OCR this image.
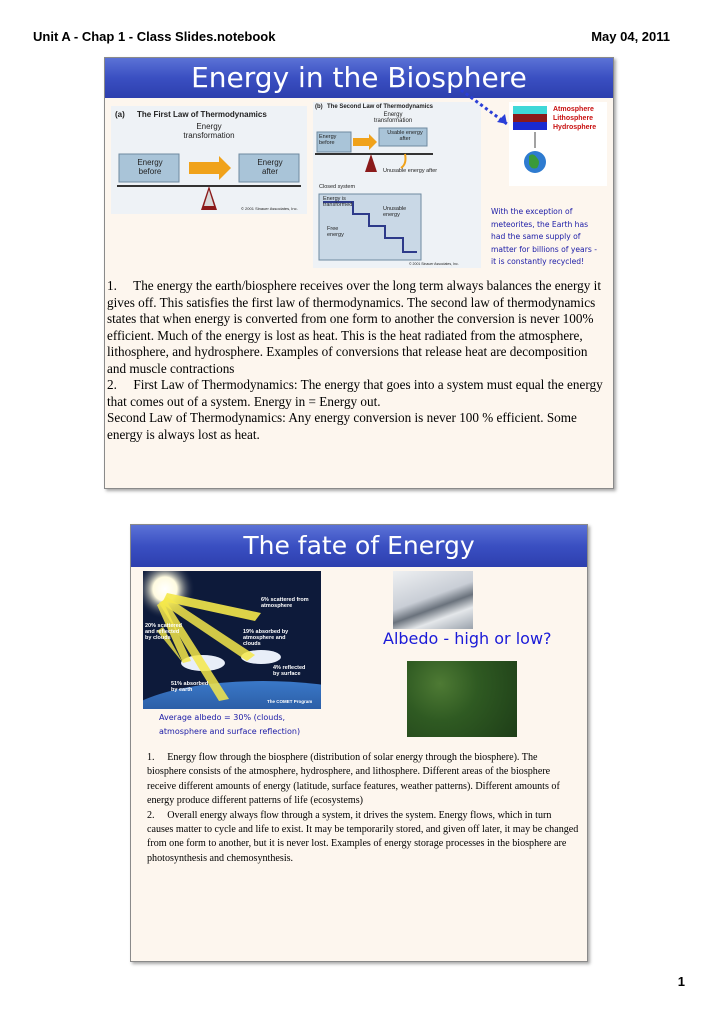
Unit A - Chap 1 - Class Slides.notebook	May 04, 2011
Energy in the Biosphere
(a) The First Law of Thermodynamics
Energy
transformation
Energy
before
Energy
after
© 2001 Sinauer Associates, Inc.
(b) The Second Law of Thermodynamics
Energy
transformation
Usable energy
after
Energy
before
Unusable energy after
Closed system
Energy is
transformed
Unusable
energy
Free
energy
© 2001 Sinauer Associates, Inc.
Atmosphere
Lithosphere
Hydrosphere
With the exception of
meteorites, the Earth has
had the same supply of
matter for billions of years -
it is constantly recycled!

1.  The energy the earth/biosphere receives over the long term always balances the energy it gives off. This satisfies the first law of thermodynamics. The second law of thermodynamics states that when energy is converted from one form to another the conversion is never 100% efficient. Much of the energy is lost as heat. This is the heat radiated from the atmosphere, lithosphere, and hydrosphere. Examples of conversions that release heat are decomposition and muscle contractions

2.  First Law of Thermodynamics: The energy that goes into a system must equal the energy that comes out of a system. Energy in = Energy out.

Second Law of Thermodynamics: Any energy conversion is never 100 % efficient. Some energy is always lost as heat.

The fate of Energy
6% scattered from
atmosphere
20% scattered
and reflected
by clouds
19% absorbed by
atmosphere and
clouds
4% reflected
by surface
51% absorbed
by earth
The COMET Program
Albedo - high or low?
Average albedo = 30% (clouds,
atmosphere and surface reflection)

1.  Energy flow through the biosphere (distribution of solar energy through the biosphere). The biosphere consists of the atmosphere, hydrosphere, and lithosphere. Different areas of the biosphere receive different amounts of energy (latitude, surface features, weather patterns). Different amounts of energy produce different patterns of life (ecosystems)

2.  Overall energy always flow through a system, it drives the system. Energy flows, which in turn causes matter to cycle and life to exist. It may be temporarily stored, and given off later, it may be changed from one form to another, but it is never lost. Examples of energy storage processes in the biosphere are photosynthesis and chemosynthesis.

1
